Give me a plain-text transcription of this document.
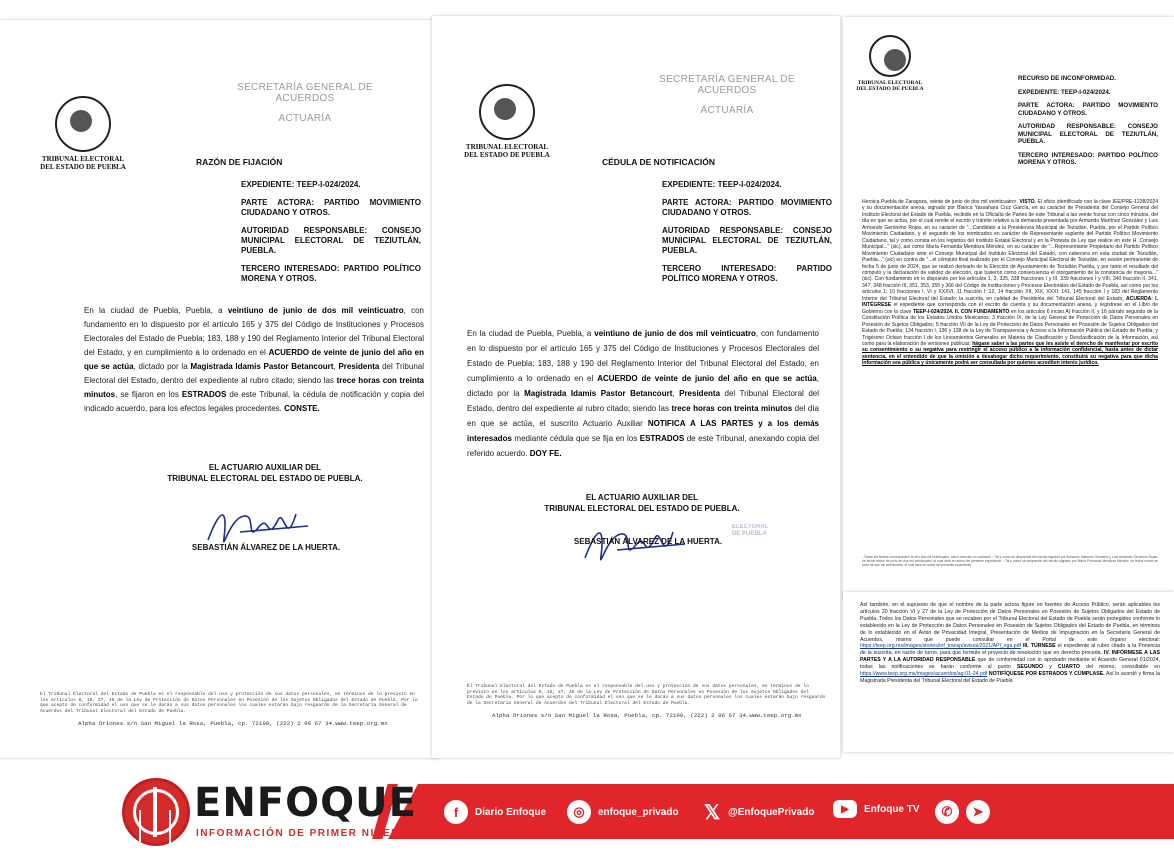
SECRETARÍA GENERAL DE ACUERDOS
ACTUARÍA
TRIBUNAL ELECTORAL
DEL ESTADO DE PUEBLA	RAZÓN DE FIJACIÓN
EXPEDIENTE: TEEP-I-024/2024.
PARTE ACTORA: PARTIDO MOVIMIENTO CIUDADANO Y OTROS.
AUTORIDAD RESPONSABLE: CONSEJO MUNICIPAL ELECTORAL DE TEZIUTLÁN, PUEBLA.
TERCERO INTERESADO: PARTIDO POLÍTICO MORENA Y OTROS.
En la ciudad de Puebla, Puebla, a veintiuno de junio de dos mil veinticuatro, con fundamento en lo dispuesto por el artículo 165 y 375 del Código de Instituciones y Procesos Electorales del Estado de Puebla; 183, 188 y 190 del Reglamento Interior del Tribunal Electoral del Estado, y en cumplimiento a lo ordenado en el ACUERDO de veinte de junio del año en que se actúa, dictado por la Magistrada Idamis Pastor Betancourt, Presidenta del Tribunal Electoral del Estado, dentro del expediente al rubro citado; siendo las trece horas con treinta minutos, se fijaron en los ESTRADOS de este Tribunal, la cédula de notificación y copia del indicado acuerdo, para los efectos legales procedentes. CONSTE.
EL ACTUARIO AUXILIAR DEL
TRIBUNAL ELECTORAL DEL ESTADO DE PUEBLA.
SEBASTIÁN ÁLVAREZ DE LA HUERTA.
El Tribunal Electoral del Estado de Puebla es el responsable del uso y protección de sus datos personales, en términos de lo previsto en los artículos 6, 16, 27, 45 de la Ley de Protección de Datos Personales en Posesión de los Sujetos Obligados del Estado de Puebla. Por lo que acepto de conformidad el uso que se le darán a sus datos personales los cuales estarán bajo resguardo de la Secretaría General de Acuerdos del Tribunal Electoral del Estado de Puebla.
Alpha Oriones s/n San Miguel la Rosa, Puebla, cp. 72190, (222) 2 96 67 34.www.teep.org.mx
SECRETARÍA GENERAL DE ACUERDOS
ACTUARÍA
TRIBUNAL ELECTORAL
DEL ESTADO DE PUEBLA
CÉDULA DE NOTIFICACIÓN
EXPEDIENTE: TEEP-I-024/2024.
PARTE ACTORA: PARTIDO MOVIMIENTO CIUDADANO Y OTROS.
AUTORIDAD RESPONSABLE: CONSEJO MUNICIPAL ELECTORAL DE TEZIUTLÁN, PUEBLA.
TERCERO INTERESADO: PARTIDO POLÍTICO MORENA Y OTROS.
En la ciudad de Puebla, Puebla, a veintiuno de junio de dos mil veinticuatro, con fundamento en lo dispuesto por el artículo 165 y 375 del Código de Instituciones y Procesos Electorales del Estado de Puebla; 183, 188 y 190 del Reglamento Interior del Tribunal Electoral del Estado, en cumplimiento a lo ordenado en el ACUERDO de veinte de junio del año en que se actúa, dictado por la Magistrada Idamis Pastor Betancourt, Presidenta del Tribunal Electoral del Estado, dentro del expediente al rubro citado; siendo las trece horas con treinta minutos del día en que se actúa, el suscrito Actuario Auxiliar NOTIFICA A LAS PARTES y a los demás interesados mediante cédula que se fija en los ESTRADOS de este Tribunal, anexando copia del referido acuerdo. DOY FE.
EL ACTUARIO AUXILIAR DEL
TRIBUNAL ELECTORAL DEL ESTADO DE PUEBLA.
ELECTORAL
DE PUEBLA
SEBASTIÁN ÁLVAREZ DE LA HUERTA.
El Tribunal Electoral del Estado de Puebla es el responsable del uso y protección de sus datos personales, en términos de lo previsto en los artículos 6, 16, 27, 45 de la Ley de Protección de Datos Personales en Posesión de los Sujetos Obligados del Estado de Puebla. Por lo que acepto de conformidad el uso que se le darán a sus datos personales los cuales estarán bajo resguardo de la Secretaría General de Acuerdos del Tribunal Electoral del Estado de Puebla.
Alpha Oriones s/n San Miguel la Rosa, Puebla, cp. 72190, (222) 2 96 67 34.www.teep.org.mx
TRIBUNAL ELECTORAL
DEL ESTADO DE PUEBLA
RECURSO DE INCONFORMIDAD.
EXPEDIENTE: TEEP-I-024/2024.
PARTE ACTORA: PARTIDO MOVIMIENTO CIUDADANO Y OTROS.
AUTORIDAD RESPONSABLE: CONSEJO MUNICIPAL ELECTORAL DE TEZIUTLÁN, PUEBLA.
TERCERO INTERESADO: PARTIDO POLÍTICO MORENA Y OTROS.
Heroica Puebla de Zaragoza, veinte de junio de dos mil veinticuatro¹. VISTO. El oficio identificado con la clave IEE/PRE-1238/2024 y su documentación anexa, signado por Blanca Yassahara Cruz García, en su carácter de Presidenta del Consejo General del Instituto Electoral del Estado de Puebla, recibido en la Oficialía de Partes de este Tribunal a las veinte horas con cinco minutos, del día en que se actúa, por el cual remite el escrito y trámite relativo a la demanda presentada por Armando Martínez González y Luis Armando Gerónimo Rojas, en su carácter de "...Candidato a la Presidencia Municipal de Teziutlán, Puebla, por el Partido Político Movimiento Ciudadano, y el segundo de los nombrados en carácter de Representante suplente del Partido Político Movimiento Ciudadano, tal y como consta en los registros del Instituto Estatal Electoral y en la Protesta de Ley que realice en este H. Consejo Municipal..." (sic), así como María Fernanda Mendoza Méndez, en su carácter de "...Representante Propietario del Partido Político Movimiento Ciudadano ante el Consejo Municipal del Instituto Electoral del Estado, con cabecera en esta ciudad de Teziutlán, Puebla..." (sic) en contra de "...el cómputo final realizado por el Consejo Municipal Electoral de Teziutlán, en sesión permanente de fecha 5 de junio de 2024, que se realizó derivado de la Elección de Ayuntamiento de Teziutlán Puebla, y por tanto el resultado del cómputo y la declaración de validez de elección, que tuvieron como consecuencia el otorgamiento de la constancia de mayoría..." (sic). Con fundamento en lo dispuesto por los artículos 1, 3, 325, 338 fracciones I y III, 339 fracciones I y VIII, 340 fracción II, 341, 347, 348 fracción III, 351, 353, 355 y 366 del Código de Instituciones y Procesos Electorales del Estado de Puebla, así como por los artículos 1; 10 fracciones I, VI y XXXVI, 11 fracción I; 12, 14 fracción XII, XIX, XXXI; 141, 145 fracción I y 183 del Reglamento Interior del Tribunal Electoral del Estado; la suscrita, en calidad de Presidenta del Tribunal Electoral del Estado, ACUERDA: I. INTÉGRESE el expediente que corresponda con el escrito de cuenta y su documentación anexa, y regístrese en el Libro de Gobierno con la clave TEEP-I-024/2024. II. CON FUNDAMENTO en los artículos 6 inciso A) fracción II, y 16 párrafo segundo de la Constitución Política de los Estados Unidos Mexicanos; 3 fracción IX, de la Ley General de Protección de Datos Personales en Posesión de Sujetos Obligados; 5 fracción VII de la Ley de Protección de Datos Personales en Posesión de Sujetos Obligados del Estado de Puebla; 134 fracción I, 136 y 138 de la Ley de Transparencia y Acceso a la Información Pública del Estado de Puebla; y Trigésimo Octavo fracción I de los Lineamientos Generales en Materia de Clasificación y Desclasificación de la Información, así como para la elaboración de versiones públicas; hágase saber a las partes que les asiste el derecho de manifestar por escrito su consentimiento o su negativa para restringir el acceso público a la información confidencial, hasta antes de dictar sentencia, en el entendido de que la omisión a desahogar dicho requerimiento, constituirá su negativa para que dicha información sea pública y únicamente podrá ser consultada por quienes acrediten interés jurídico.
¹ Todas las fechas corresponden al año dos mil veinticuatro, salvo mención en contrario. ² Tal y como se desprende del escrito signado por Armando Martínez González y Luis Armando Gerónimo Rojas, de fecha nueve de junio de dos mil veinticuatro, el cual obra en autos del presente expediente. ³ Tal y como se desprende del escrito signado por María Fernanda Mendoza Méndez, de fecha nueve de junio de dos mil veinticuatro, el cual obra en autos del presente expediente.
Así también, en el supuesto de que el nombre de la parte actora figure en fuentes de Acceso Público, serán aplicables los artículos 20 fracción VI y 27 de la Ley de Protección de Datos Personales en Posesión de Sujetos Obligados del Estado de Puebla. Todos los Datos Personales que se recaben por el Tribunal Electoral del Estado de Puebla serán protegidos conforme lo establecido en la Ley de Protección de Datos Personales en Posesión de Sujetos Obligados del Estado de Puebla, en términos de lo establecido en el Aviso de Privacidad Integral, Presentación de Medios de Impugnación en la Secretaría General de Acuerdos, mismo que puede consultar en el Portal de este órgano electoral: https://teep.org.mx/images/stories/inf_transp/avisos/2021/API_sga.pdf III. TÚRNESE el expediente al rubro citado a la Ponencia de la suscrita, en razón de turno, para que formule el proyecto de resolución que en derecho proceda. IV. INFÓRMESE A LAS PARTES Y A LA AUTORIDAD RESPONSABLE que de conformidad con lo aprobado mediante el Acuerdo General 01/2024, todas las notificaciones se harán conforme al punto SEGUNDO y CUARTO del mismo, consultable en https://www.teep.org.mx/images/acuerdos/ag-01-24.pdf NOTIFÍQUESE POR ESTRADOS Y CÚMPLASE. Así lo acordó y firma la Magistrada Presidenta del Tribunal Electoral del Estado de Puebla
ENFOQUE
INFORMACIÓN DE PRIMER NIVEL
f	Diario Enfoque	◎	enfoque_privado 𝕏 @EnfoquePrivado	▶	Enfoque TV	✆	➤
